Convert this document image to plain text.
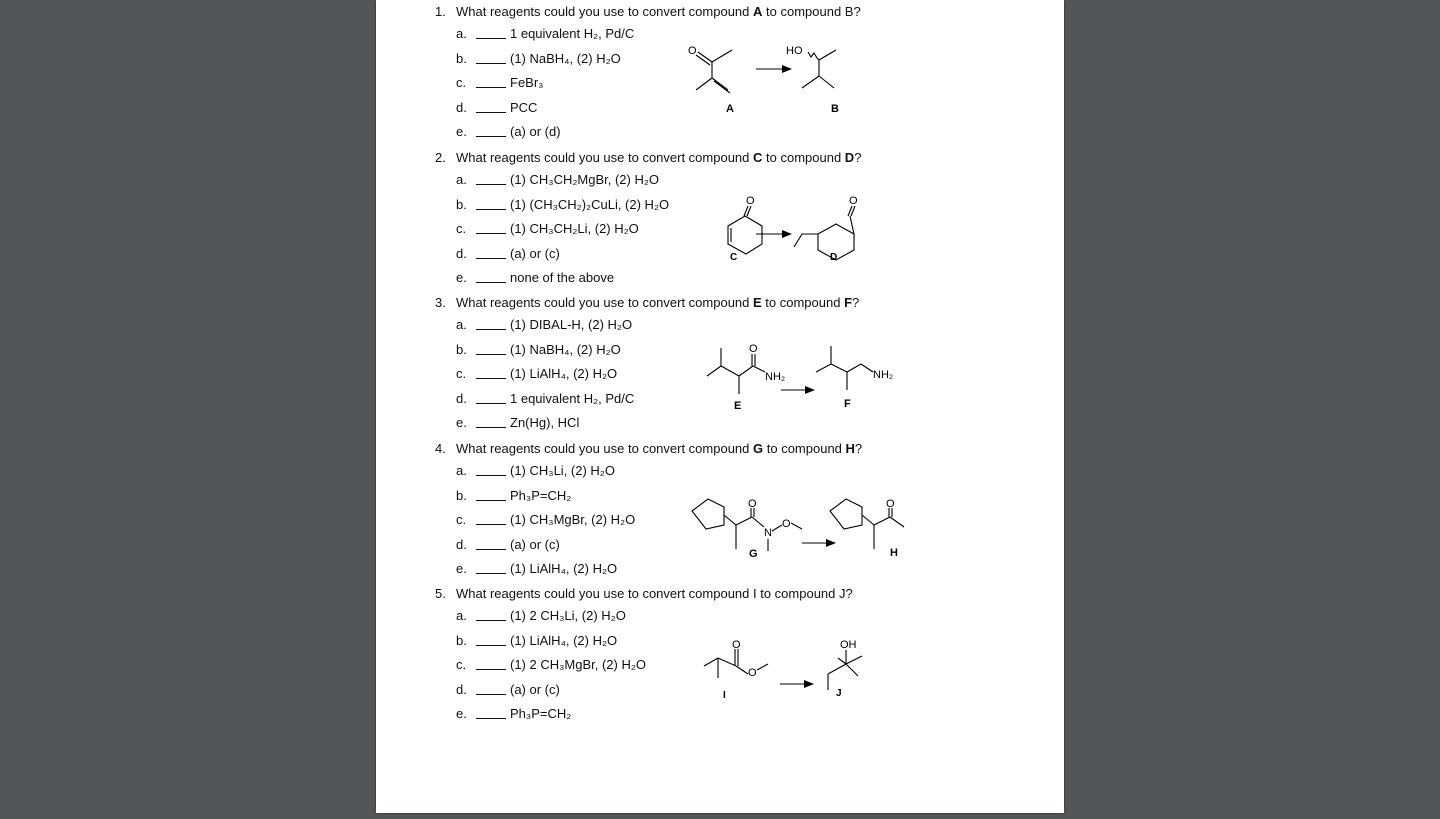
O	HO
A	B
O	O
C	D
O
NH₂	NH₂
E	F
O
N
O
O
G	H
O
O
OH
I	J
1. What reagents could you use to convert compound A to compound B?
a.	1 equivalent H₂, Pd/C
b.	(1) NaBH₄, (2) H₂O
c.	FeBr₃
d.	PCC
e.	(a) or (d)
2. What reagents could you use to convert compound C to compound D?
a.	(1) CH₃CH₂MgBr, (2) H₂O
b.	(1) (CH₃CH₂)₂CuLi, (2) H₂O
c.	(1) CH₃CH₂Li, (2) H₂O
d.	(a) or (c)
e.	none of the above
3. What reagents could you use to convert compound E to compound F?
a.	(1) DIBAL-H, (2) H₂O
b.	(1) NaBH₄, (2) H₂O
c.	(1) LiAlH₄, (2) H₂O
d.	1 equivalent H₂, Pd/C
e.	Zn(Hg), HCl
4. What reagents could you use to convert compound G to compound H?
a.	(1) CH₃Li, (2) H₂O
b.	Ph₃P=CH₂
c.	(1) CH₃MgBr, (2) H₂O
d.	(a) or (c)
e.	(1) LiAlH₄, (2) H₂O
5. What reagents could you use to convert compound I to compound J?
a.	(1) 2 CH₃Li, (2) H₂O
b.	(1) LiAlH₄, (2) H₂O
c.	(1) 2 CH₃MgBr, (2) H₂O
d.	(a) or (c)
e.	Ph₃P=CH₂
